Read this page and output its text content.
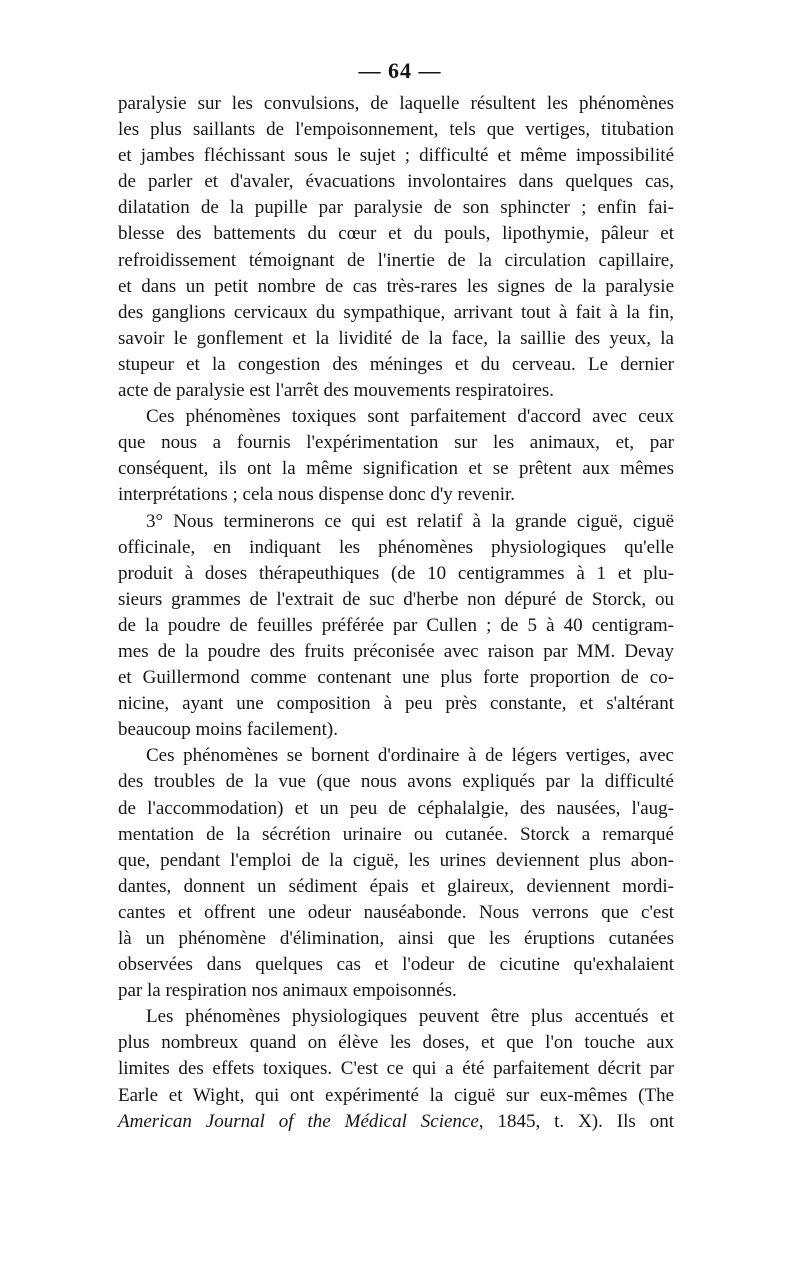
— 64 —

paralysie sur les convulsions, de laquelle résultent les phénomènes
les plus saillants de l'empoisonnement, tels que vertiges, titubation
et jambes fléchissant sous le sujet ; difficulté et même impossibilité
de parler et d'avaler, évacuations involontaires dans quelques cas,
dilatation de la pupille par paralysie de son sphincter ; enfin fai-
blesse des battements du cœur et du pouls, lipothymie, pâleur et
refroidissement témoignant de l'inertie de la circulation capillaire,
et dans un petit nombre de cas très-rares les signes de la paralysie
des ganglions cervicaux du sympathique, arrivant tout à fait à la fin,
savoir le gonflement et la lividité de la face, la saillie des yeux, la
stupeur et la congestion des méninges et du cerveau. Le dernier
acte de paralysie est l'arrêt des mouvements respiratoires.

Ces phénomènes toxiques sont parfaitement d'accord avec ceux
que nous a fournis l'expérimentation sur les animaux, et, par
conséquent, ils ont la même signification et se prêtent aux mêmes
interprétations ; cela nous dispense donc d'y revenir.

3° Nous terminerons ce qui est relatif à la grande ciguë, ciguë
officinale, en indiquant les phénomènes physiologiques qu'elle
produit à doses thérapeuthiques (de 10 centigrammes à 1 et plu-
sieurs grammes de l'extrait de suc d'herbe non dépuré de Storck, ou
de la poudre de feuilles préférée par Cullen ; de 5 à 40 centigram-
mes de la poudre des fruits préconisée avec raison par MM. Devay
et Guillermond comme contenant une plus forte proportion de co-
nicine, ayant une composition à peu près constante, et s'altérant
beaucoup moins facilement).

Ces phénomènes se bornent d'ordinaire à de légers vertiges, avec
des troubles de la vue (que nous avons expliqués par la difficulté
de l'accommodation) et un peu de céphalalgie, des nausées, l'aug-
mentation de la sécrétion urinaire ou cutanée. Storck a remarqué
que, pendant l'emploi de la ciguë, les urines deviennent plus abon-
dantes, donnent un sédiment épais et glaireux, deviennent mordi-
cantes et offrent une odeur nauséabonde. Nous verrons que c'est
là un phénomène d'élimination, ainsi que les éruptions cutanées
observées dans quelques cas et l'odeur de cicutine qu'exhalaient
par la respiration nos animaux empoisonnés.

Les phénomènes physiologiques peuvent être plus accentués et
plus nombreux quand on élève les doses, et que l'on touche aux
limites des effets toxiques. C'est ce qui a été parfaitement décrit par
Earle et Wight, qui ont expérimenté la ciguë sur eux-mêmes (The
American Journal of the Médical Science, 1845, t. X). Ils ont
